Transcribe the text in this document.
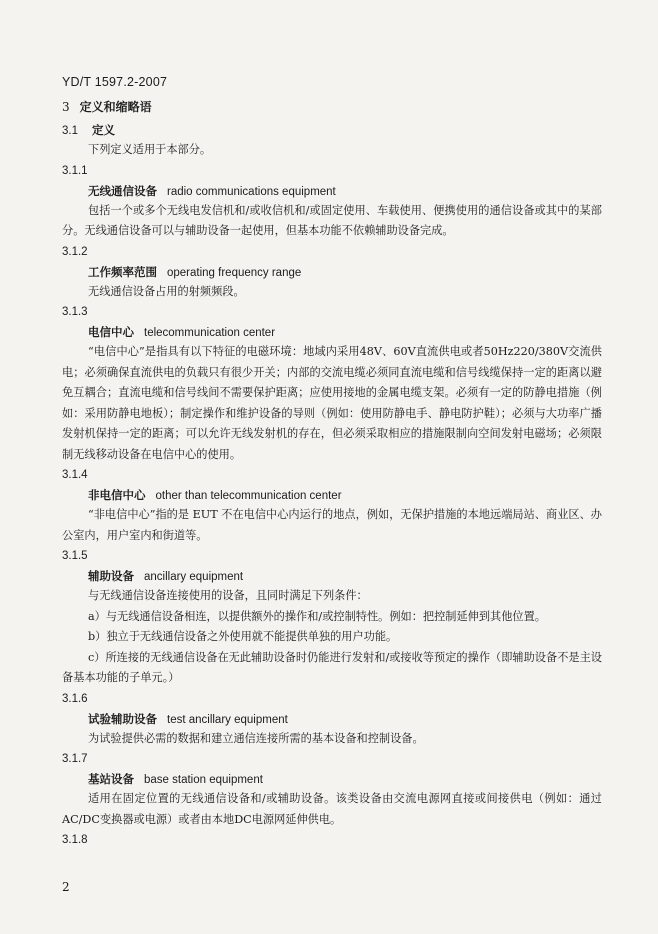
YD/T 1597.2-2007
3 定义和缩略语
3.1 定义

下列定义适用于本部分。

3.1.1
无线通信设备 radio communications equipment

包括一个或多个无线电发信机和/或收信机和/或固定使用、车载使用、便携使用的通信设备或其中的某部分。无线通信设备可以与辅助设备一起使用，但基本功能不依赖辅助设备完成。

3.1.2
工作频率范围 operating frequency range

无线通信设备占用的射频频段。

3.1.3
电信中心 telecommunication center

“电信中心”是指具有以下特征的电磁环境：地域内采用48V、60V直流供电或者50Hz220/380V交流供电；必须确保直流供电的负载只有很少开关；内部的交流电缆必须同直流电缆和信号线缆保持一定的距离以避免互耦合；直流电缆和信号线间不需要保护距离；应使用接地的金属电缆支架。必须有一定的防静电措施（例如：采用防静电地板）；制定操作和维护设备的导则（例如：使用防静电手、静电防护鞋）；必须与大功率广播发射机保持一定的距离；可以允许无线发射机的存在，但必须采取相应的措施限制向空间发射电磁场；必须限制无线移动设备在电信中心的使用。

3.1.4
非电信中心 other than telecommunication center

“非电信中心”指的是 EUT 不在电信中心内运行的地点，例如，无保护措施的本地远端局站、商业区、办公室内，用户室内和街道等。

3.1.5
辅助设备 ancillary equipment

与无线通信设备连接使用的设备，且同时满足下列条件：

a）与无线通信设备相连，以提供额外的操作和/或控制特性。例如：把控制延伸到其他位置。

b）独立于无线通信设备之外使用就不能提供单独的用户功能。

c）所连接的无线通信设备在无此辅助设备时仍能进行发射和/或接收等预定的操作（即辅助设备不是主设备基本功能的子单元。）

3.1.6
试验辅助设备 test ancillary equipment

为试验提供必需的数据和建立通信连接所需的基本设备和控制设备。

3.1.7
基站设备 base station equipment

适用在固定位置的无线通信设备和/或辅助设备。该类设备由交流电源网直接或间接供电（例如：通过AC/DC变换器或电源）或者由本地DC电源网延伸供电。

3.1.8
2
